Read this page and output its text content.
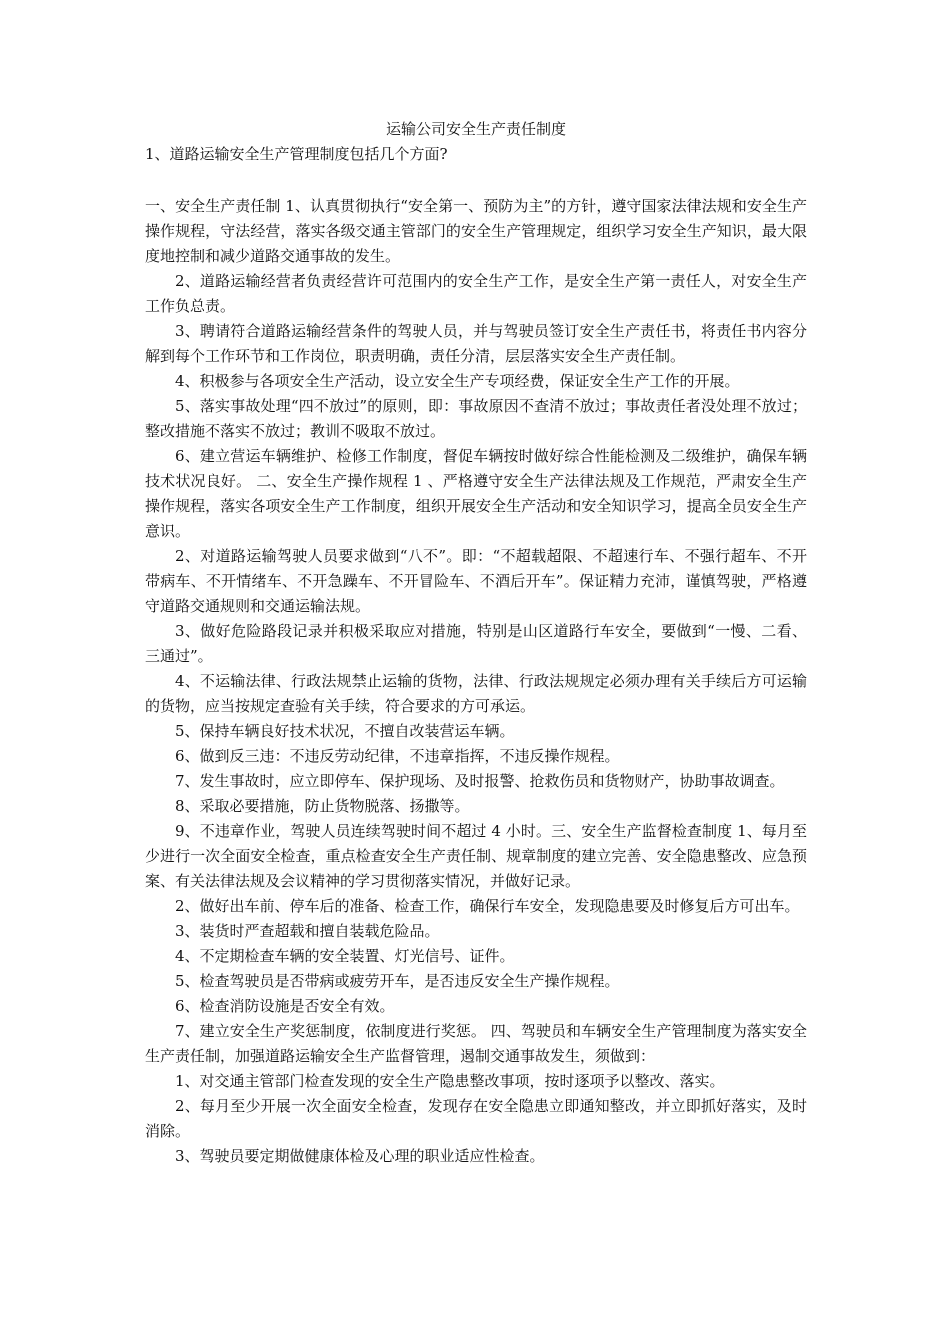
运输公司安全生产责任制度

1、道路运输安全生产管理制度包括几个方面?

一、安全生产责任制 1、认真贯彻执行“安全第一、预防为主”的方针，遵守国家法律法规和安全生产操作规程，守法经营，落实各级交通主管部门的安全生产管理规定，组织学习安全生产知识，最大限度地控制和减少道路交通事故的发生。

2、道路运输经营者负责经营许可范围内的安全生产工作，是安全生产第一责任人，对安全生产工作负总责。

3、聘请符合道路运输经营条件的驾驶人员，并与驾驶员签订安全生产责任书，将责任书内容分解到每个工作环节和工作岗位，职责明确，责任分清，层层落实安全生产责任制。

4、积极参与各项安全生产活动，设立安全生产专项经费，保证安全生产工作的开展。

5、落实事故处理“四不放过”的原则，即：事故原因不查清不放过；事故责任者没处理不放过；整改措施不落实不放过；教训不吸取不放过。

6、建立营运车辆维护、检修工作制度，督促车辆按时做好综合性能检测及二级维护，确保车辆技术状况良好。 二、安全生产操作规程 1 、严格遵守安全生产法律法规及工作规范，严肃安全生产操作规程，落实各项安全生产工作制度，组织开展安全生产活动和安全知识学习，提高全员安全生产意识。

2、对道路运输驾驶人员要求做到“八不”。即：“不超载超限、不超速行车、不强行超车、不开带病车、不开情绪车、不开急躁车、不开冒险车、不酒后开车”。保证精力充沛，谨慎驾驶，严格遵守道路交通规则和交通运输法规。

3、做好危险路段记录并积极采取应对措施，特别是山区道路行车安全，要做到“一慢、二看、三通过”。

4、不运输法律、行政法规禁止运输的货物，法律、行政法规规定必须办理有关手续后方可运输的货物，应当按规定查验有关手续，符合要求的方可承运。

5、保持车辆良好技术状况，不擅自改装营运车辆。

6、做到反三违：不违反劳动纪律，不违章指挥，不违反操作规程。

7、发生事故时，应立即停车、保护现场、及时报警、抢救伤员和货物财产，协助事故调查。

8、采取必要措施，防止货物脱落、扬撒等。

9、不违章作业，驾驶人员连续驾驶时间不超过 4 小时。三、安全生产监督检查制度 1、每月至少进行一次全面安全检查，重点检查安全生产责任制、规章制度的建立完善、安全隐患整改、应急预案、有关法律法规及会议精神的学习贯彻落实情况，并做好记录。

2、做好出车前、停车后的准备、检查工作，确保行车安全，发现隐患要及时修复后方可出车。

3、装货时严查超载和擅自装载危险品。

4、不定期检查车辆的安全装置、灯光信号、证件。

5、检查驾驶员是否带病或疲劳开车，是否违反安全生产操作规程。

6、检查消防设施是否安全有效。

7、建立安全生产奖惩制度，依制度进行奖惩。 四、驾驶员和车辆安全生产管理制度为落实安全生产责任制，加强道路运输安全生产监督管理，遏制交通事故发生，须做到：

1、对交通主管部门检查发现的安全生产隐患整改事项，按时逐项予以整改、落实。

2、每月至少开展一次全面安全检查，发现存在安全隐患立即通知整改，并立即抓好落实，及时消除。

3、驾驶员要定期做健康体检及心理的职业适应性检查。
